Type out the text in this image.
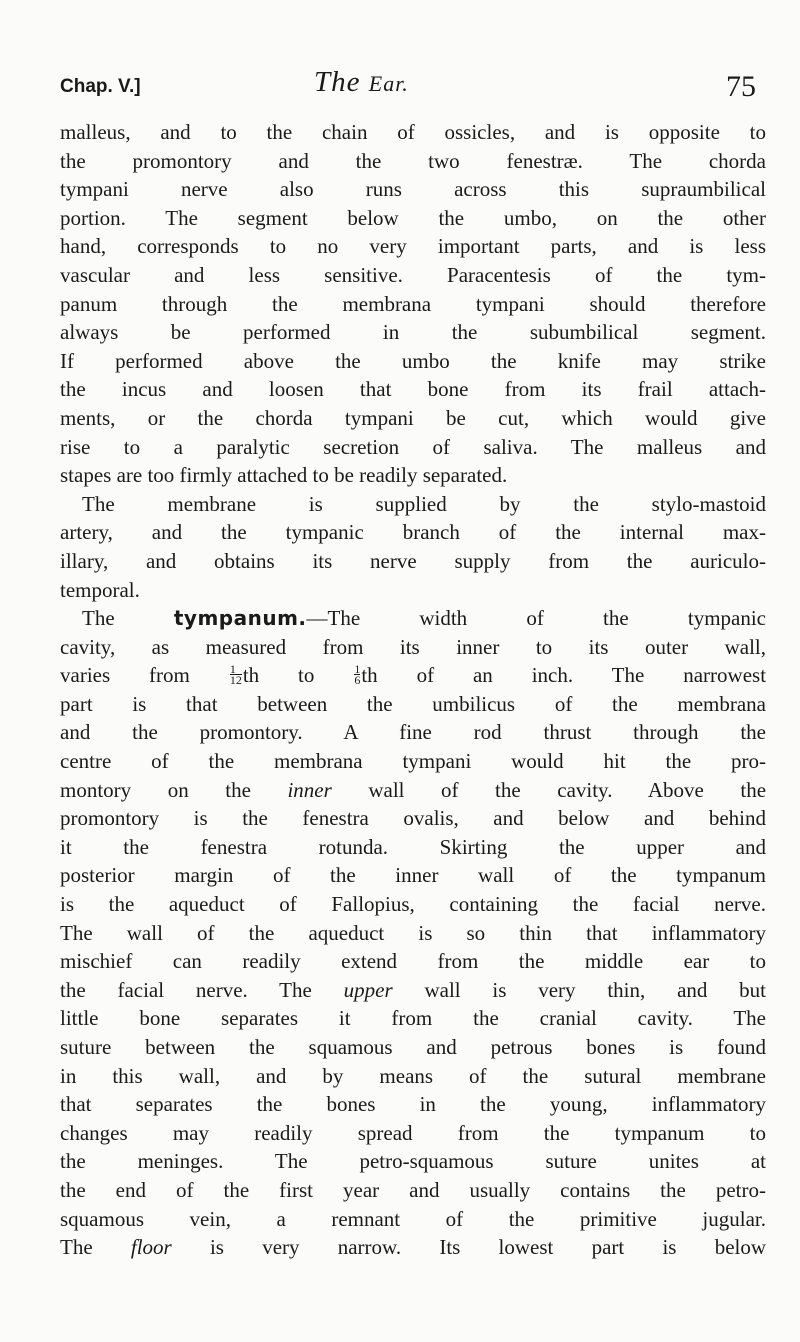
Chap. V.]	The Ear.	75
malleus, and to the chain of ossicles, and is opposite to
the promontory and the two fenestræ. The chorda
tympani nerve also runs across this supraumbilical
portion. The segment below the umbo, on the other
hand, corresponds to no very important parts, and is less
vascular and less sensitive. Paracentesis of the tym-
panum through the membrana tympani should therefore
always be performed in the subumbilical segment.
If performed above the umbo the knife may strike
the incus and loosen that bone from its frail attach-
ments, or the chorda tympani be cut, which would give
rise to a paralytic secretion of saliva. The malleus and
stapes are too firmly attached to be readily separated.
The membrane is supplied by the stylo-mastoid
artery, and the tympanic branch of the internal max-
illary, and obtains its nerve supply from the auriculo-
temporal.
The	tympanum.—The width of the tympanic
cavity, as measured from its inner to its outer wall,
varies from	$\frac{1}{12}$ th to	$\frac{1}{6}$ th of an inch. The narrowest
part is that between the umbilicus of the membrana
and the promontory. A fine rod thrust through the
centre of the membrana tympani would hit the pro-
montory on the inner wall of the cavity. Above the
promontory is the fenestra ovalis, and below and behind
it the fenestra rotunda. Skirting the upper and
posterior margin of the inner wall of the tympanum
is the aqueduct of Fallopius, containing the facial nerve.
The wall of the aqueduct is so thin that inflammatory
mischief can readily extend from the middle ear to
the facial nerve. The upper wall is very thin, and but
little bone separates it from the cranial cavity. The
suture between the squamous and petrous bones is found
in this wall, and by means of the sutural membrane
that separates the bones in the young, inflammatory
changes may readily spread from the tympanum to
the meninges. The petro-squamous suture unites at
the end of the first year and usually contains the petro-
squamous vein, a remnant of the primitive jugular.
The floor is very narrow. Its lowest part is below
